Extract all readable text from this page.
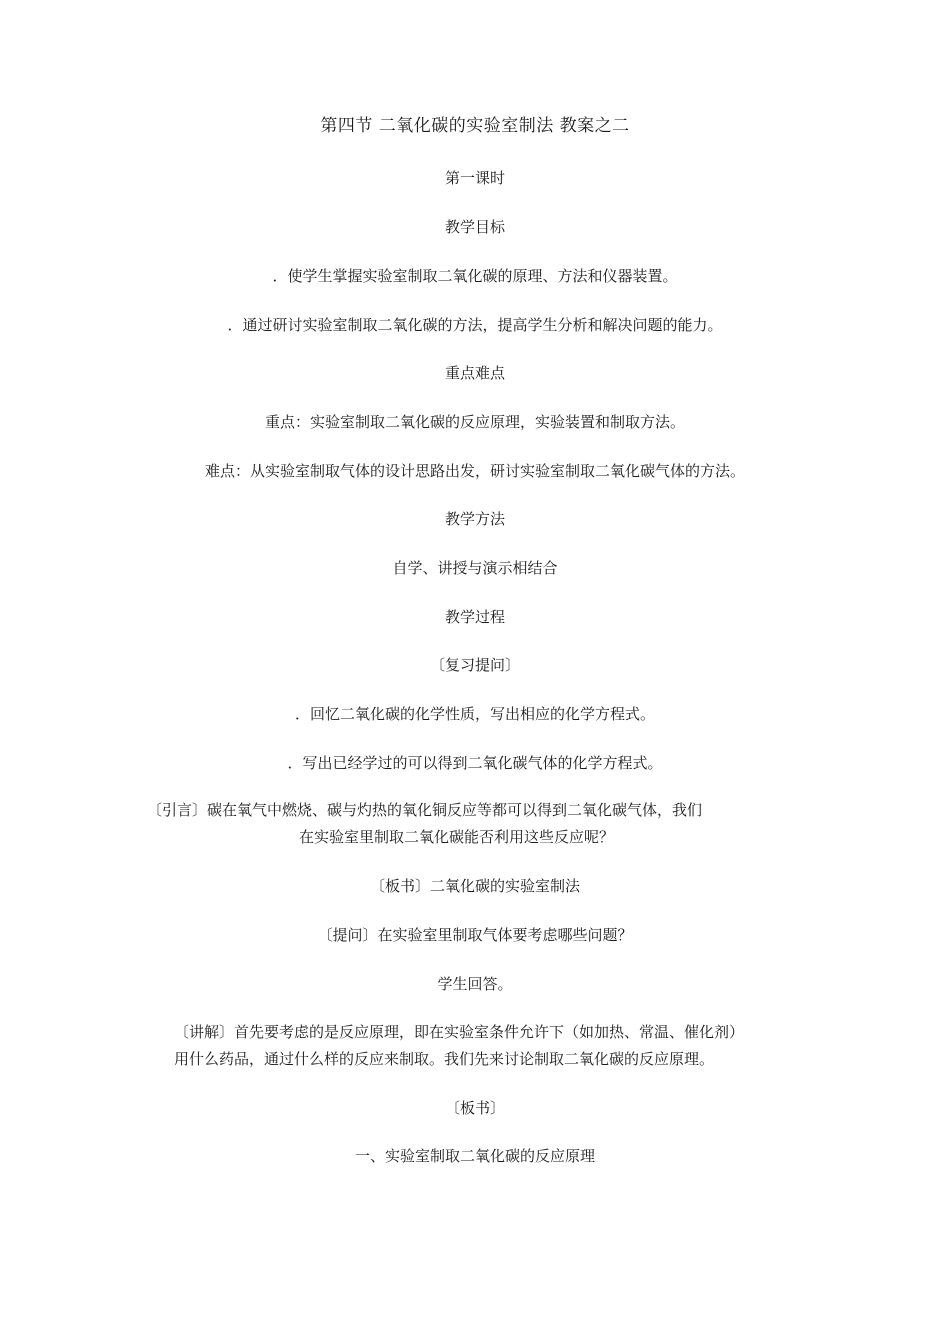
第四节 二氧化碳的实验室制法 教案之二
第一课时
教学目标
．使学生掌握实验室制取二氧化碳的原理、方法和仪器装置。
．通过研讨实验室制取二氧化碳的方法，提高学生分析和解决问题的能力。
重点难点
重点：实验室制取二氧化碳的反应原理，实验装置和制取方法。
难点：从实验室制取气体的设计思路出发，研讨实验室制取二氧化碳气体的方法。
教学方法
自学、讲授与演示相结合
教学过程
〔复习提问〕
．回忆二氧化碳的化学性质，写出相应的化学方程式。
．写出已经学过的可以得到二氧化碳气体的化学方程式。
〔引言〕碳在氧气中燃烧、碳与灼热的氧化铜反应等都可以得到二氧化碳气体，我们
在实验室里制取二氧化碳能否利用这些反应呢？
〔板书〕二氧化碳的实验室制法
〔提问〕在实验室里制取气体要考虑哪些问题？
学生回答。
〔讲解〕首先要考虑的是反应原理，即在实验室条件允许下（如加热、常温、催化剂）
用什么药品，通过什么样的反应来制取。我们先来讨论制取二氧化碳的反应原理。
〔板书〕
一、实验室制取二氧化碳的反应原理
